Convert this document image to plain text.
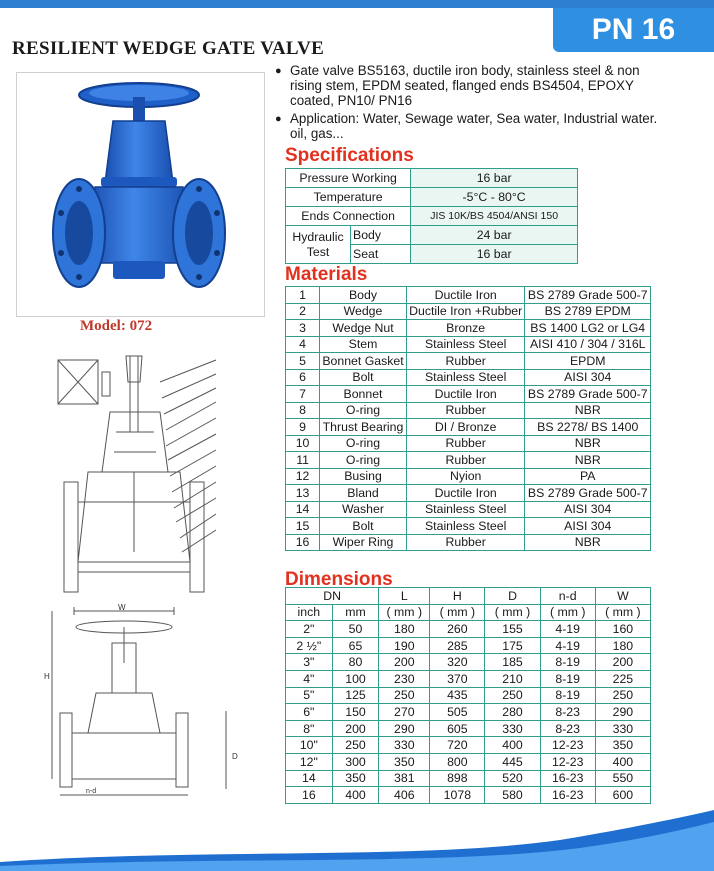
PN 16
RESILIENT WEDGE GATE VALVE
Model: 072
● Gate valve BS5163, ductile iron body, stainless steel & non rising stem, EPDM seated, flanged ends BS4504, EPOXY coated, PN10/ PN16
● Application: Water, Sewage water, Sea water, Industrial water. oil, gas...
Specifications
Pressure Working		16 bar
Temperature		-5°C - 80°C
Ends Connection		JIS 10K/BS 4504/ANSI 150
Hydraulic
Test	Body	24 bar
	Seat	16 bar
Materials
1	Body	Ductile Iron	BS 2789 Grade 500-7
2	Wedge	Ductile Iron +Rubber	BS 2789 EPDM
3	Wedge Nut	Bronze	BS 1400 LG2 or LG4
4	Stem	Stainless Steel	AISI 410 / 304 / 316L
5	Bonnet Gasket	Rubber	EPDM
6	Bolt	Stainless Steel	AISI 304
7	Bonnet	Ductile Iron	BS 2789 Grade 500-7
8	O-ring	Rubber	NBR
9	Thrust Bearing	DI / Bronze	BS 2278/ BS 1400
10	O-ring	Rubber	NBR
11	O-ring	Rubber	NBR
12	Busing	Nyion	PA
13	Bland	Ductile Iron	BS 2789 Grade 500-7
14	Washer	Stainless Steel	AISI 304
15	Bolt	Stainless Steel	AISI 304
16	Wiper Ring	Rubber	NBR
Dimensions
DN		L	H	D	n-d	W
inch	mm	( mm )	( mm )	( mm )	( mm )	( mm )
2"	50	180	260	155	4-19	160
2 ½"	65	190	285	175	4-19	180
3"	80	200	320	185	8-19	200
4"	100	230	370	210	8-19	225
5"	125	250	435	250	8-19	250
6"	150	270	505	280	8-23	290
8"	200	290	605	330	8-23	330
10"	250	330	720	400	12-23	350
12"	300	350	800	445	12-23	400
14	350	381	898	520	16-23	550
16	400	406	1078	580	16-23	600
W
H
D
n-d
